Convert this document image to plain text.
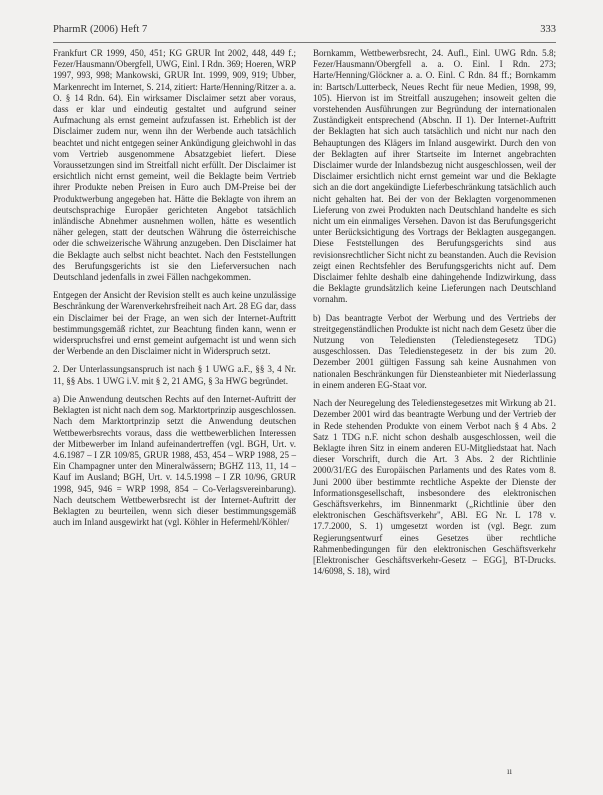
PharmR (2006) Heft 7	333

Frankfurt CR 1999, 450, 451; KG GRUR Int 2002, 448, 449 f.; Fezer/Hausmann/Obergfell, UWG, Einl. I Rdn. 369; Hoeren, WRP 1997, 993, 998; Mankowski, GRUR Int. 1999, 909, 919; Ubber, Markenrecht im Internet, S. 214, zitiert: Harte/Henning/Ritzer a. a. O. § 14 Rdn. 64). Ein wirksamer Disclaimer setzt aber voraus, dass er klar und eindeutig gestaltet und aufgrund seiner Aufmachung als ernst gemeint aufzufassen ist. Erheblich ist der Disclaimer zudem nur, wenn ihn der Werbende auch tatsächlich beachtet und nicht entgegen seiner Ankündigung gleichwohl in das vom Vertrieb ausgenommene Absatzgebiet liefert. Diese Voraussetzungen sind im Streitfall nicht erfüllt. Der Disclaimer ist ersichtlich nicht ernst gemeint, weil die Beklagte beim Vertrieb ihrer Produkte neben Preisen in Euro auch DM-Preise bei der Produktwerbung angegeben hat. Hätte die Beklagte von ihrem an deutschsprachige Europäer gerichteten Angebot tatsächlich inländische Abnehmer ausnehmen wollen, hätte es wesentlich näher gelegen, statt der deutschen Währung die österreichische oder die schweizerische Währung anzugeben. Den Disclaimer hat die Beklagte auch selbst nicht beachtet. Nach den Feststellungen des Berufungsgerichts ist sie den Lieferversuchen nach Deutschland jedenfalls in zwei Fällen nachgekommen.

Entgegen der Ansicht der Revision stellt es auch keine unzulässige Beschränkung der Warenverkehrsfreiheit nach Art. 28 EG dar, dass ein Disclaimer bei der Frage, an wen sich der Internet-Auftritt bestimmungsgemäß richtet, zur Beachtung finden kann, wenn er widerspruchsfrei und ernst gemeint aufgemacht ist und wenn sich der Werbende an den Disclaimer nicht in Widerspruch setzt.

2. Der Unterlassungsanspruch ist nach § 1 UWG a.F., §§ 3, 4 Nr. 11, §§ Abs. 1 UWG i.V. mit § 2, 21 AMG, § 3a HWG begründet.

a) Die Anwendung deutschen Rechts auf den Internet-Auftritt der Beklagten ist nicht nach dem sog. Marktortprinzip ausgeschlossen. Nach dem Marktortprinzip setzt die Anwendung deutschen Wettbewerbsrechts voraus, dass die wettbewerblichen Interessen der Mitbewerber im Inland aufeinandertreffen (vgl. BGH, Urt. v. 4.6.1987 – I ZR 109/85, GRUR 1988, 453, 454 – WRP 1988, 25 – Ein Champagner unter den Mineralwässern; BGHZ 113, 11, 14 – Kauf im Ausland; BGH, Urt. v. 14.5.1998 – I ZR 10/96, GRUR 1998, 945, 946 = WRP 1998, 854 – Co-Verlagsvereinbarung). Nach deutschem Wettbewerbsrecht ist der Internet-Auftritt der Beklagten zu beurteilen, wenn sich dieser bestimmungsgemäß auch im Inland ausgewirkt hat (vgl. Köhler in Hefermehl/Köhler/

Bornkamm, Wettbewerbsrecht, 24. Aufl., Einl. UWG Rdn. 5.8; Fezer/Hausmann/Obergfell a. a. O. Einl. I Rdn. 273; Harte/Henning/Glöckner a. a. O. Einl. C Rdn. 84 ff.; Bornkamm in: Bartsch/Lutterbeck, Neues Recht für neue Medien, 1998, 99, 105). Hiervon ist im Streitfall auszugehen; insoweit gelten die vorstehenden Ausführungen zur Begründung der internationalen Zuständigkeit entsprechend (Abschn. II 1). Der Internet-Auftritt der Beklagten hat sich auch tatsächlich und nicht nur nach den Behauptungen des Klägers im Inland ausgewirkt. Durch den von der Beklagten auf ihrer Startseite im Internet angebrachten Disclaimer wurde der Inlandsbezug nicht ausgeschlossen, weil der Disclaimer ersichtlich nicht ernst gemeint war und die Beklagte sich an die dort angekündigte Lieferbeschränkung tatsächlich auch nicht gehalten hat. Bei der von der Beklagten vorgenommenen Lieferung von zwei Produkten nach Deutschland handelte es sich nicht um ein einmaliges Versehen. Davon ist das Berufungsgericht unter Berücksichtigung des Vortrags der Beklagten ausgegangen. Diese Feststellungen des Berufungsgerichts sind aus revisionsrechtlicher Sicht nicht zu beanstanden. Auch die Revision zeigt einen Rechtsfehler des Berufungsgerichts nicht auf. Dem Disclaimer fehlte deshalb eine dahingehende Indizwirkung, dass die Beklagte grundsätzlich keine Lieferungen nach Deutschland vornahm.

b) Das beantragte Verbot der Werbung und des Vertriebs der streitgegenständlichen Produkte ist nicht nach dem Gesetz über die Nutzung von Telediensten (Teledienstegesetz TDG) ausgeschlossen. Das Teledienstegesetz in der bis zum 20. Dezember 2001 gültigen Fassung sah keine Ausnahmen von nationalen Beschränkungen für Diensteanbieter mit Niederlassung in einem anderen EG-Staat vor.

Nach der Neuregelung des Teledienstegesetzes mit Wirkung ab 21. Dezember 2001 wird das beantragte Werbung und der Vertrieb der in Rede stehenden Produkte von einem Verbot nach § 4 Abs. 2 Satz 1 TDG n.F. nicht schon deshalb ausgeschlossen, weil die Beklagte ihren Sitz in einem anderen EU-Mitgliedstaat hat. Nach dieser Vorschrift, durch die Art. 3 Abs. 2 der Richtlinie 2000/31/EG des Europäischen Parlaments und des Rates vom 8. Juni 2000 über bestimmte rechtliche Aspekte der Dienste der Informationsgesellschaft, insbesondere des elektronischen Geschäftsverkehrs, im Binnenmarkt („Richtlinie über den elektronischen Geschäftsverkehr", ABl. EG Nr. L 178 v. 17.7.2000, S. 1) umgesetzt worden ist (vgl. Begr. zum Regierungsentwurf eines Gesetzes über rechtliche Rahmenbedingungen für den elektronischen Geschäftsverkehr [Elektronischer Geschäftsverkehr-Gesetz – EGG], BT-Drucks. 14/6098, S. 18), wird

ıı
